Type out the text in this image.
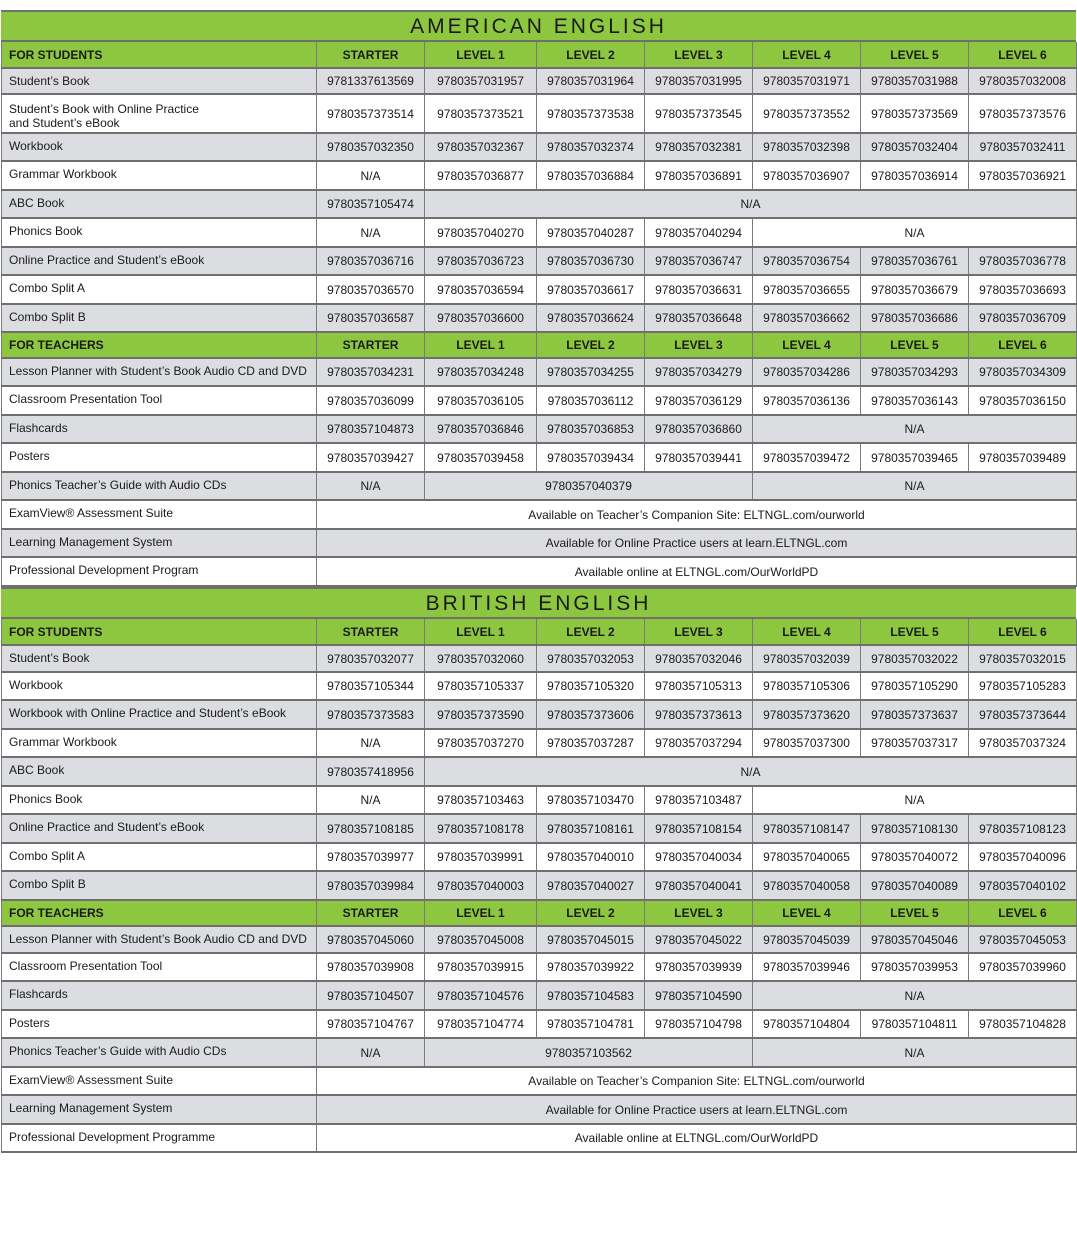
AMERICAN ENGLISH
FOR STUDENTS	STARTER	LEVEL 1	LEVEL 2	LEVEL 3	LEVEL 4	LEVEL 5	LEVEL 6
Student’s Book	9781337613569	9780357031957	9780357031964	9780357031995	9780357031971	9780357031988	9780357032008
Student’s Book with Online Practice
and Student’s eBook	9780357373514	9780357373521	9780357373538	9780357373545	9780357373552	9780357373569	9780357373576
Workbook	9780357032350	9780357032367	9780357032374	9780357032381	9780357032398	9780357032404	9780357032411
Grammar Workbook	N/A	9780357036877	9780357036884	9780357036891	9780357036907	9780357036914	9780357036921
ABC Book	9780357105474	N/A					
Phonics Book	N/A	9780357040270	9780357040287	9780357040294	N/A		
Online Practice and Student’s eBook	9780357036716	9780357036723	9780357036730	9780357036747	9780357036754	9780357036761	9780357036778
Combo Split A	9780357036570	9780357036594	9780357036617	9780357036631	9780357036655	9780357036679	9780357036693
Combo Split B	9780357036587	9780357036600	9780357036624	9780357036648	9780357036662	9780357036686	9780357036709
FOR TEACHERS	STARTER	LEVEL 1	LEVEL 2	LEVEL 3	LEVEL 4	LEVEL 5	LEVEL 6
Lesson Planner with Student’s Book Audio CD and DVD	9780357034231	9780357034248	9780357034255	9780357034279	9780357034286	9780357034293	9780357034309
Classroom Presentation Tool	9780357036099	9780357036105	9780357036112	9780357036129	9780357036136	9780357036143	9780357036150
Flashcards	9780357104873	9780357036846	9780357036853	9780357036860	N/A		
Posters	9780357039427	9780357039458	9780357039434	9780357039441	9780357039472	9780357039465	9780357039489
Phonics Teacher’s Guide with Audio CDs	N/A	9780357040379			N/A		
ExamView® Assessment Suite	Available on Teacher’s Companion Site: ELTNGL.com/ourworld						
Learning Management System	Available for Online Practice users at learn.ELTNGL.com						
Professional Development Program	Available online at ELTNGL.com/OurWorldPD						
BRITISH ENGLISH
FOR STUDENTS	STARTER	LEVEL 1	LEVEL 2	LEVEL 3	LEVEL 4	LEVEL 5	LEVEL 6
Student’s Book	9780357032077	9780357032060	9780357032053	9780357032046	9780357032039	9780357032022	9780357032015
Workbook	9780357105344	9780357105337	9780357105320	9780357105313	9780357105306	9780357105290	9780357105283
Workbook with Online Practice and Student’s eBook	9780357373583	9780357373590	9780357373606	9780357373613	9780357373620	9780357373637	9780357373644
Grammar Workbook	N/A	9780357037270	9780357037287	9780357037294	9780357037300	9780357037317	9780357037324
ABC Book	9780357418956	N/A					
Phonics Book	N/A	9780357103463	9780357103470	9780357103487	N/A		
Online Practice and Student’s eBook	9780357108185	9780357108178	9780357108161	9780357108154	9780357108147	9780357108130	9780357108123
Combo Split A	9780357039977	9780357039991	9780357040010	9780357040034	9780357040065	9780357040072	9780357040096
Combo Split B	9780357039984	9780357040003	9780357040027	9780357040041	9780357040058	9780357040089	9780357040102
FOR TEACHERS	STARTER	LEVEL 1	LEVEL 2	LEVEL 3	LEVEL 4	LEVEL 5	LEVEL 6
Lesson Planner with Student’s Book Audio CD and DVD	9780357045060	9780357045008	9780357045015	9780357045022	9780357045039	9780357045046	9780357045053
Classroom Presentation Tool	9780357039908	9780357039915	9780357039922	9780357039939	9780357039946	9780357039953	9780357039960
Flashcards	9780357104507	9780357104576	9780357104583	9780357104590	N/A		
Posters	9780357104767	9780357104774	9780357104781	9780357104798	9780357104804	9780357104811	9780357104828
Phonics Teacher’s Guide with Audio CDs	N/A	9780357103562			N/A		
ExamView® Assessment Suite	Available on Teacher’s Companion Site: ELTNGL.com/ourworld						
Learning Management System	Available for Online Practice users at learn.ELTNGL.com						
Professional Development Programme	Available online at ELTNGL.com/OurWorldPD						
